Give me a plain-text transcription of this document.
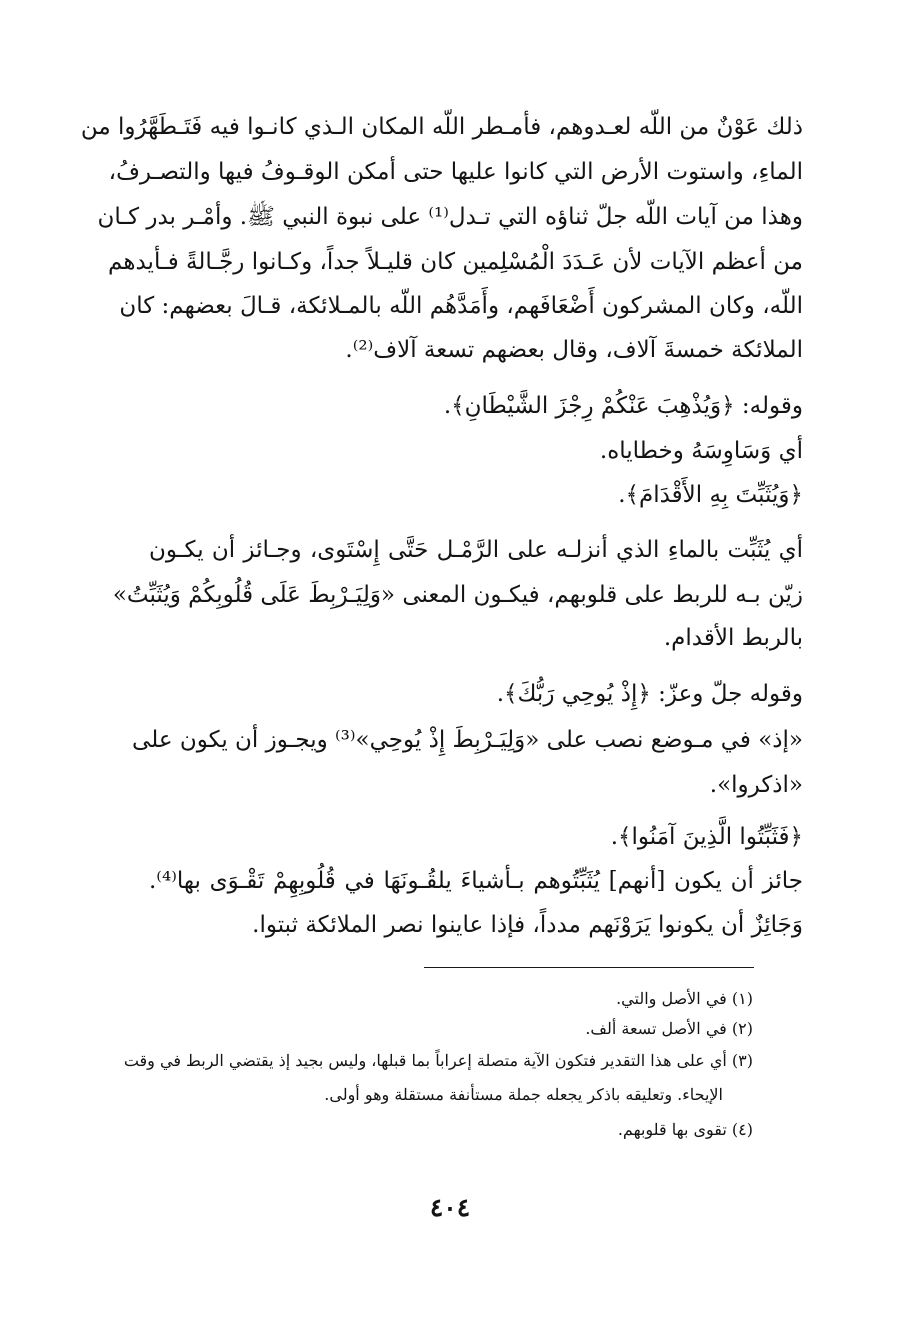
ذلك عَوْنٌ من اللّه لعـدوهم، فأمـطر اللّه المكان الـذي كانـوا فيه فَتَـطَهَّرُوا من
الماءِ، واستوت الأرض التي كانوا عليها حتى أمكن الوقـوفُ فيها والتصـرفُ،
وهذا من آيات اللّه جلّ ثناؤه التي تـدل⁽¹⁾ على نبوة النبي ﷺ. وأمْـر بدر كـان
من أعظم الآيات لأن عَـدَدَ الْمُسْلِمين كان قليـلاً جداً، وكـانوا رجَّـالةً فـأيدهم
اللّه، وكان المشركون أَضْعَافَهم، وأَمَدَّهُم اللّه بالمـلائكة، قـالَ بعضهم: كان
الملائكة خمسةَ آلاف، وقال بعضهم تسعة آلاف⁽²⁾.
وقوله: ﴿وَيُذْهِبَ عَنْكُمْ رِجْزَ الشَّيْطَانِ﴾.
أي وَسَاوِسَهُ وخطاياه.
﴿وَيُثَبِّتَ بِهِ الأَقْدَامَ﴾.
أي يُثَبِّت بالماءِ الذي أنزلـه على الرَّمْـل حَتَّى إِسْتَوى، وجـائز أن يكـون
زيّن بـه للربط على قلوبهم، فيكـون المعنى «وَلِيَـرْبِطَ عَلَى قُلُوبِكُمْ وَيُثَبِّتُ»
بالربط الأقدام.
وقوله جلّ وعزّ: ﴿إِذْ يُوحِي رَبُّكَ﴾.
«إذ» في مـوضع نصب على «وَلِيَـرْبِطَ إِذْ يُوحِي»⁽³⁾ ويجـوز أن يكون على
«اذكروا».
﴿فَثَبِّتُوا الَّذِينَ آمَنُوا﴾.
جائز أن يكون [أنهم] يُثَبِّتُوهم بـأشياءَ يلقُـونَهَا في قُلُوبِهِمْ تَقْـوَى بها⁽⁴⁾.
وَجَائِزٌ أن يكونوا يَرَوْنَهم مدداً، فإذا عاينوا نصر الملائكة ثبتوا.
(١) في الأصل والتي.
(٢) في الأصل تسعة ألف.
(٣) أي على هذا التقدير فتكون الآية متصلة إعراباً بما قبلها، وليس بجيد إذ يقتضي الربط في وقت
الإيحاء. وتعليقه باذكر يجعله جملة مستأنفة مستقلة وهو أولى.
(٤) تقوى بها قلوبهم.
٤٠٤
